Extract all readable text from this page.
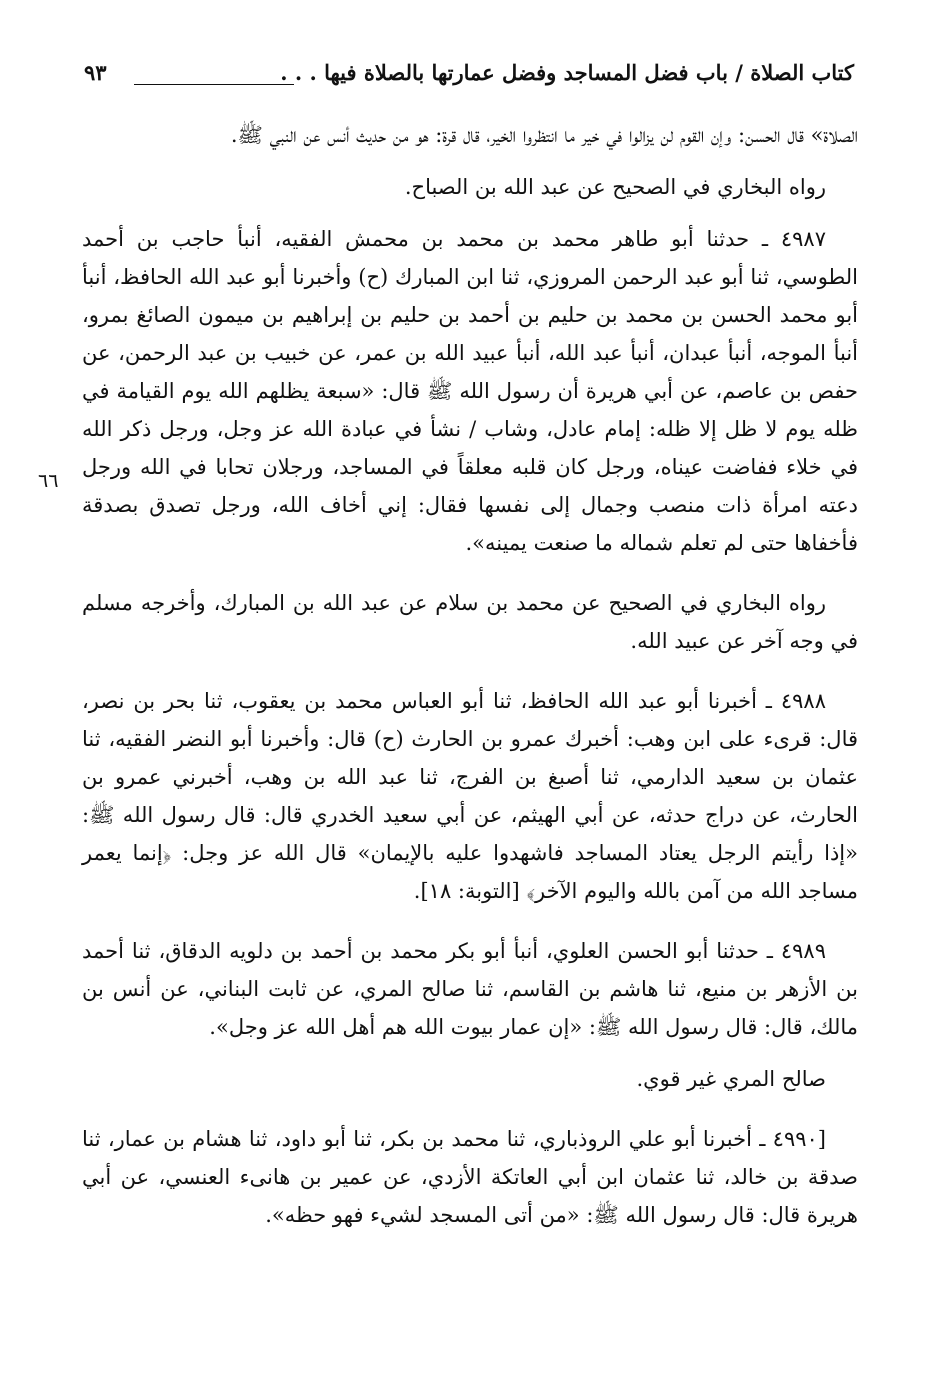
كتاب الصلاة / باب فضل المساجد وفضل عمارتها بالصلاة فيها . . .
٩٣
٦٦

الصلاة» قال الحسن: وإن القوم لن يزالوا في خير ما انتظروا الخير، قال قرة: هو من حديث أنس عن النبي ﷺ.

رواه البخاري في الصحيح عن عبد الله بن الصباح.

٤٩٨٧ ـ حدثنا أبو طاهر محمد بن محمد بن محمش الفقيه، أنبأ حاجب بن أحمد الطوسي، ثنا أبو عبد الرحمن المروزي، ثنا ابن المبارك (ح) وأخبرنا أبو عبد الله الحافظ، أنبأ أبو محمد الحسن بن محمد بن حليم بن أحمد بن حليم بن إبراهيم بن ميمون الصائغ بمرو، أنبأ الموجه، أنبأ عبدان، أنبأ عبد الله، أنبأ عبيد الله بن عمر، عن خبيب بن عبد الرحمن، عن حفص بن عاصم، عن أبي هريرة أن رسول الله ﷺ قال: «سبعة يظلهم الله يوم القيامة في ظله يوم لا ظل إلا ظله: إمام عادل، وشاب / نشأ في عبادة الله عز وجل، ورجل ذكر الله في خلاء ففاضت عيناه، ورجل كان قلبه معلقاً في المساجد، ورجلان تحابا في الله ورجل دعته امرأة ذات منصب وجمال إلى نفسها فقال: إني أخاف الله، ورجل تصدق بصدقة فأخفاها حتى لم تعلم شماله ما صنعت يمينه».

رواه البخاري في الصحيح عن محمد بن سلام عن عبد الله بن المبارك، وأخرجه مسلم في وجه آخر عن عبيد الله.

٤٩٨٨ ـ أخبرنا أبو عبد الله الحافظ، ثنا أبو العباس محمد بن يعقوب، ثنا بحر بن نصر، قال: قرىء على ابن وهب: أخبرك عمرو بن الحارث (ح) قال: وأخبرنا أبو النضر الفقيه، ثنا عثمان بن سعيد الدارمي، ثنا أصبغ بن الفرج، ثنا عبد الله بن وهب، أخبرني عمرو بن الحارث، عن دراج حدثه، عن أبي الهيثم، عن أبي سعيد الخدري قال: قال رسول الله ﷺ: «إذا رأيتم الرجل يعتاد المساجد فاشهدوا عليه بالإيمان» قال الله عز وجل: ﴿إنما يعمر مساجد الله من آمن بالله واليوم الآخر﴾ [التوبة: ١٨].

٤٩٨٩ ـ حدثنا أبو الحسن العلوي، أنبأ أبو بكر محمد بن أحمد بن دلويه الدقاق، ثنا أحمد بن الأزهر بن منيع، ثنا هاشم بن القاسم، ثنا صالح المري، عن ثابت البناني، عن أنس بن مالك، قال: قال رسول الله ﷺ: «إن عمار بيوت الله هم أهل الله عز وجل».

صالح المري غير قوي.

[٤٩٩٠ ـ أخبرنا أبو علي الروذباري، ثنا محمد بن بكر، ثنا أبو داود، ثنا هشام بن عمار، ثنا صدقة بن خالد، ثنا عثمان ابن أبي العاتكة الأزدي، عن عمير بن هانىء العنسي، عن أبي هريرة قال: قال رسول الله ﷺ: «من أتى المسجد لشيء فهو حظه».
